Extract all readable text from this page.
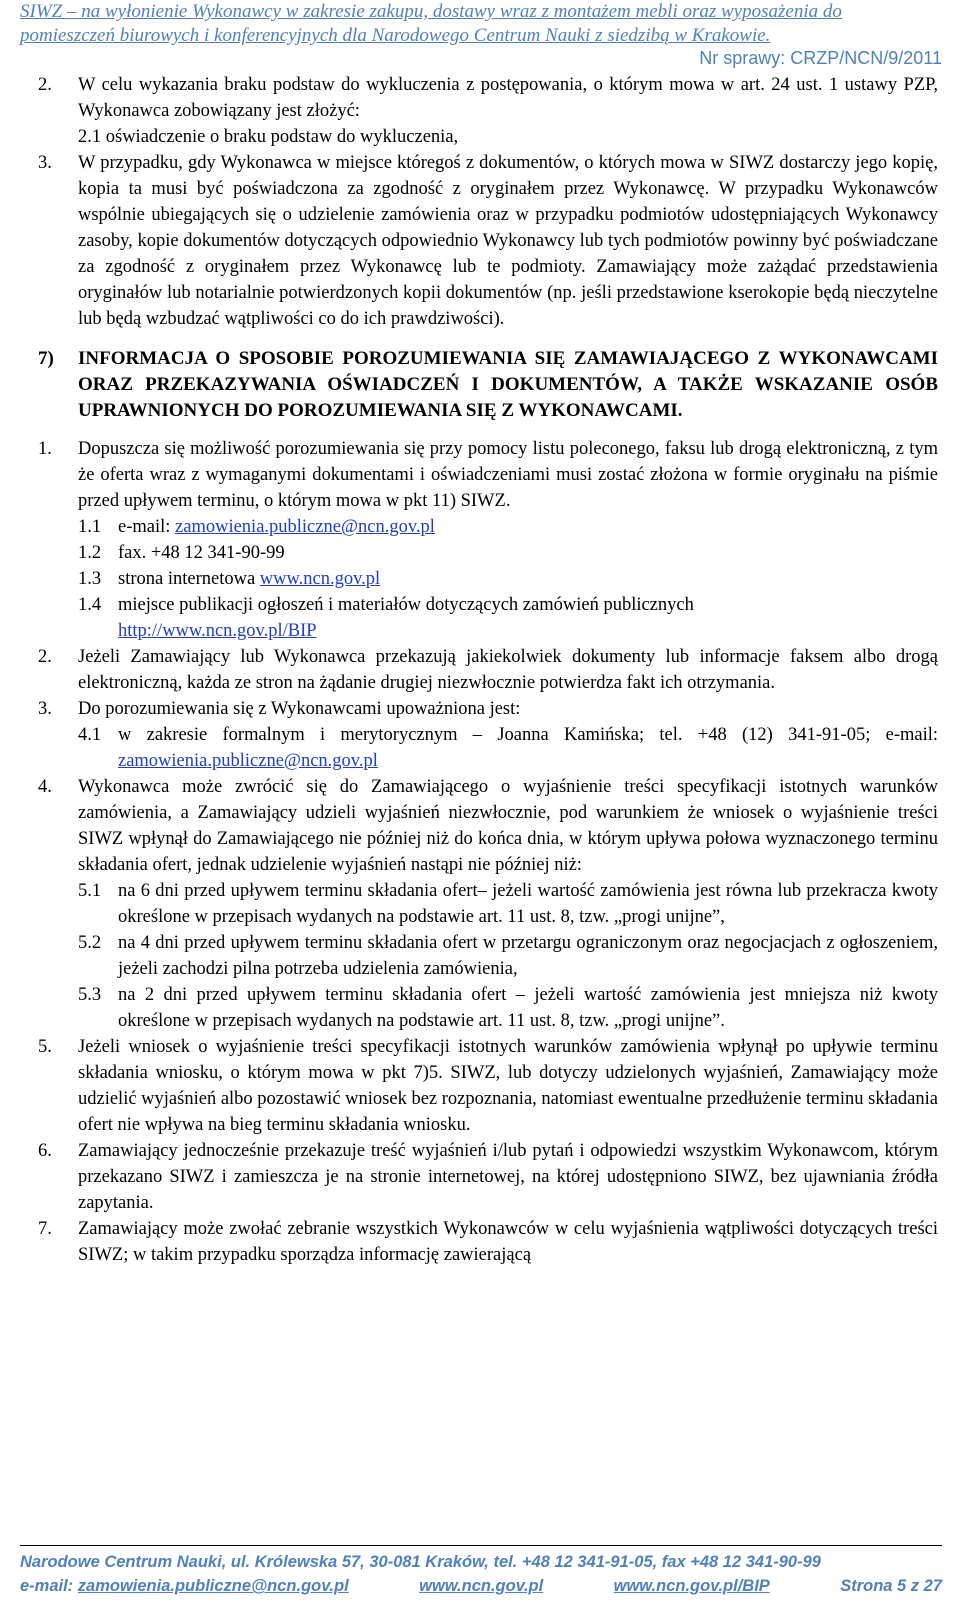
SIWZ – na wyłonienie Wykonawcy w zakresie zakupu, dostawy wraz z montażem mebli oraz wyposażenia do
pomieszczeń biurowych i konferencyjnych dla Narodowego Centrum Nauki z siedzibą w Krakowie.
Nr sprawy: CRZP/NCN/9/2011
2. W celu wykazania braku podstaw do wykluczenia z postępowania, o którym mowa w art. 24 ust. 1 ustawy PZP, Wykonawca zobowiązany jest złożyć:
2.1 oświadczenie o braku podstaw do wykluczenia,
3. W przypadku, gdy Wykonawca w miejsce któregoś z dokumentów, o których mowa w SIWZ dostarczy jego kopię, kopia ta musi być poświadczona za zgodność z oryginałem przez Wykonawcę. W przypadku Wykonawców wspólnie ubiegających się o udzielenie zamówienia oraz w przypadku podmiotów udostępniających Wykonawcy zasoby, kopie dokumentów dotyczących odpowiednio Wykonawcy lub tych podmiotów powinny być poświadczane za zgodność z oryginałem przez Wykonawcę lub te podmioty. Zamawiający może zażądać przedstawienia oryginałów lub notarialnie potwierdzonych kopii dokumentów (np. jeśli przedstawione kserokopie będą nieczytelne lub będą wzbudzać wątpliwości co do ich prawdziwości).
7) INFORMACJA O SPOSOBIE POROZUMIEWANIA SIĘ ZAMAWIAJĄCEGO Z WYKONAWCAMI ORAZ PRZEKAZYWANIA OŚWIADCZEŃ I DOKUMENTÓW, A TAKŻE WSKAZANIE OSÓB UPRAWNIONYCH DO POROZUMIEWANIA SIĘ Z WYKONAWCAMI.
1. Dopuszcza się możliwość porozumiewania się przy pomocy listu poleconego, faksu lub drogą elektroniczną, z tym że oferta wraz z wymaganymi dokumentami i oświadczeniami musi zostać złożona w formie oryginału na piśmie przed upływem terminu, o którym mowa w pkt 11) SIWZ.
1.1 e-mail: zamowienia.publiczne@ncn.gov.pl
1.2 fax. +48 12 341-90-99
1.3 strona internetowa www.ncn.gov.pl
1.4 miejsce publikacji ogłoszeń i materiałów dotyczących zamówień publicznych
http://www.ncn.gov.pl/BIP
2. Jeżeli Zamawiający lub Wykonawca przekazują jakiekolwiek dokumenty lub informacje faksem albo drogą elektroniczną, każda ze stron na żądanie drugiej niezwłocznie potwierdza fakt ich otrzymania.
3. Do porozumiewania się z Wykonawcami upoważniona jest:
4.1 w zakresie formalnym i merytorycznym – Joanna Kamińska; tel. +48 (12) 341-91-05; e-mail: zamowienia.publiczne@ncn.gov.pl
4. Wykonawca może zwrócić się do Zamawiającego o wyjaśnienie treści specyfikacji istotnych warunków zamówienia, a Zamawiający udzieli wyjaśnień niezwłocznie, pod warunkiem że wniosek o wyjaśnienie treści SIWZ wpłynął do Zamawiającego nie później niż do końca dnia, w którym upływa połowa wyznaczonego terminu składania ofert, jednak udzielenie wyjaśnień nastąpi nie później niż:
5.1 na 6 dni przed upływem terminu składania ofert– jeżeli wartość zamówienia jest równa lub przekracza kwoty określone w przepisach wydanych na podstawie art. 11 ust. 8, tzw. „progi unijne”,
5.2 na 4 dni przed upływem terminu składania ofert w przetargu ograniczonym oraz negocjacjach z ogłoszeniem, jeżeli zachodzi pilna potrzeba udzielenia zamówienia,
5.3 na 2 dni przed upływem terminu składania ofert – jeżeli wartość zamówienia jest mniejsza niż kwoty określone w przepisach wydanych na podstawie art. 11 ust. 8, tzw. „progi unijne”.
5. Jeżeli wniosek o wyjaśnienie treści specyfikacji istotnych warunków zamówienia wpłynął po upływie terminu składania wniosku, o którym mowa w pkt 7)5. SIWZ, lub dotyczy udzielonych wyjaśnień, Zamawiający może udzielić wyjaśnień albo pozostawić wniosek bez rozpoznania, natomiast ewentualne przedłużenie terminu składania ofert nie wpływa na bieg terminu składania wniosku.
6. Zamawiający jednocześnie przekazuje treść wyjaśnień i/lub pytań i odpowiedzi wszystkim Wykonawcom, którym przekazano SIWZ i zamieszcza je na stronie internetowej, na której udostępniono SIWZ, bez ujawniania źródła zapytania.
7. Zamawiający może zwołać zebranie wszystkich Wykonawców w celu wyjaśnienia wątpliwości dotyczących treści SIWZ; w takim przypadku sporządza informację zawierającą
Narodowe Centrum Nauki, ul. Królewska 57, 30-081 Kraków, tel. +48 12 341-91-05, fax +48 12 341-90-99
e-mail: zamowienia.publiczne@ncn.gov.pl	www.ncn.gov.pl	www.ncn.gov.pl/BIP	Strona 5 z 27
